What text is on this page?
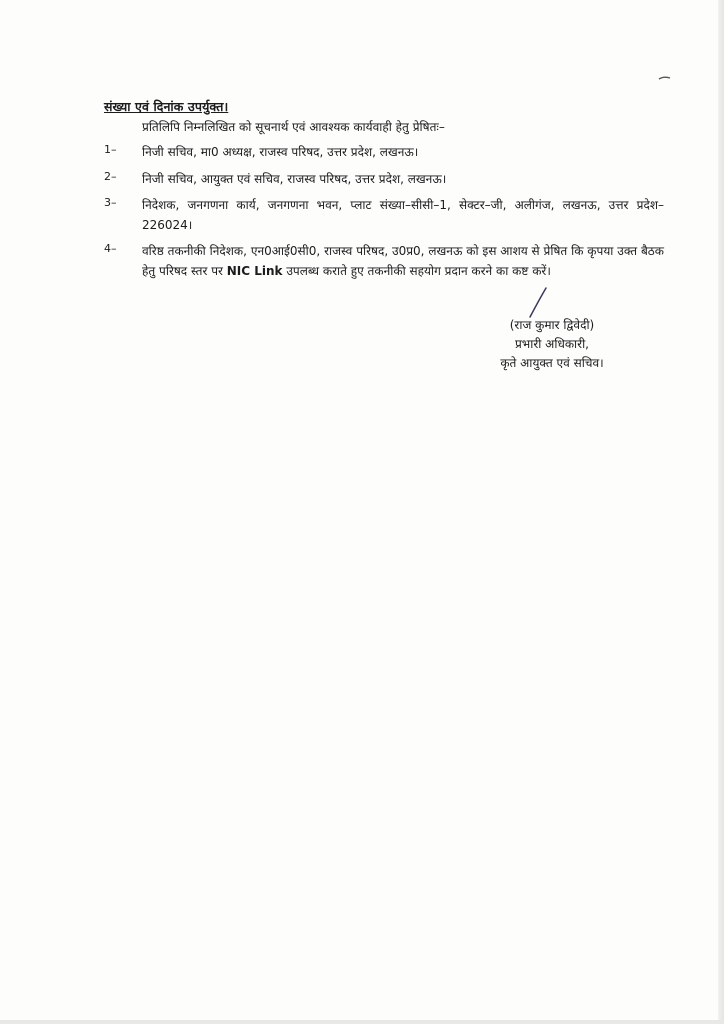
संख्या एवं दिनांक उपर्युक्त।
प्रतिलिपि निम्नलिखित को सूचनार्थ एवं आवश्यक कार्यवाही हेतु प्रेषितः–
1–	निजी सचिव, मा0 अध्यक्ष, राजस्व परिषद, उत्तर प्रदेश, लखनऊ।
2–	निजी सचिव, आयुक्त एवं सचिव, राजस्व परिषद, उत्तर प्रदेश, लखनऊ।
3–	निदेशक, जनगणना कार्य, जनगणना भवन, प्लाट संख्या–सीसी–1, सेक्टर–जी, अलीगंज, लखनऊ, उत्तर प्रदेश–226024।
4–	वरिष्ठ तकनीकी निदेशक, एन0आई0सी0, राजस्व परिषद, उ0प्र0, लखनऊ को इस आशय से प्रेषित कि कृपया उक्त बैठक हेतु परिषद स्तर पर NIC Link उपलब्ध कराते हुए तकनीकी सहयोग प्रदान करने का कष्ट करें।
(राज कुमार द्विवेदी)
प्रभारी अधिकारी,
कृते आयुक्त एवं सचिव।
